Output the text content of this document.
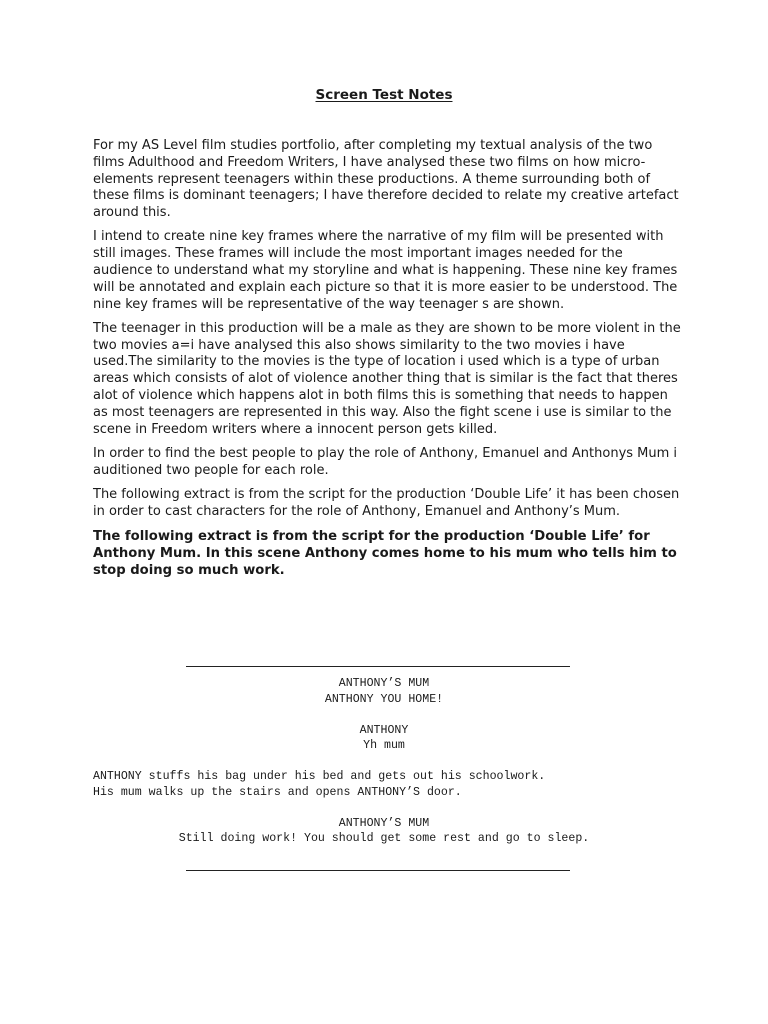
Screen Test Notes

For my AS Level film studies portfolio, after completing my textual analysis of the two films Adulthood and Freedom Writers, I have analysed these two films on how micro-elements represent teenagers within these productions. A theme surrounding both of these films is dominant teenagers; I have therefore decided to relate my creative artefact around this.

I intend to create nine key frames where the narrative of my film will be presented with still images. These frames will include the most important images needed for the audience to understand what my storyline and what is happening. These nine key frames will be annotated and explain each picture so that it is more easier to be understood. The nine key frames will be representative of the way teenager s are shown.

The teenager in this production will be a male as they are shown to be more violent in the two movies a=i have analysed this also shows similarity to the two movies i have used.The similarity to the movies is the type of location i used which is a type of urban areas which consists of alot of violence another thing that is similar is the fact that theres alot of violence which happens alot in both films this is something that needs to happen as most teenagers are represented in this way. Also the fight scene i use is similar to the scene in Freedom writers where a innocent person gets killed.

In order to find the best people to play the role of Anthony, Emanuel and Anthonys Mum i auditioned two people for each role.

The following extract is from the script for the production ‘Double Life’ it has been chosen in order to cast characters for the role of Anthony, Emanuel and Anthony’s Mum.

The following extract is from the script for the production ‘Double Life’ for Anthony Mum. In this scene Anthony comes home to his mum who tells him to stop doing so much work.

ANTHONY’S MUM
ANTHONY YOU HOME!
ANTHONY
Yh mum
ANTHONY stuffs his bag under his bed and gets out his schoolwork.
His mum walks up the stairs and opens ANTHONY’S door.
ANTHONY’S MUM
Still doing work! You should get some rest and go to sleep.
